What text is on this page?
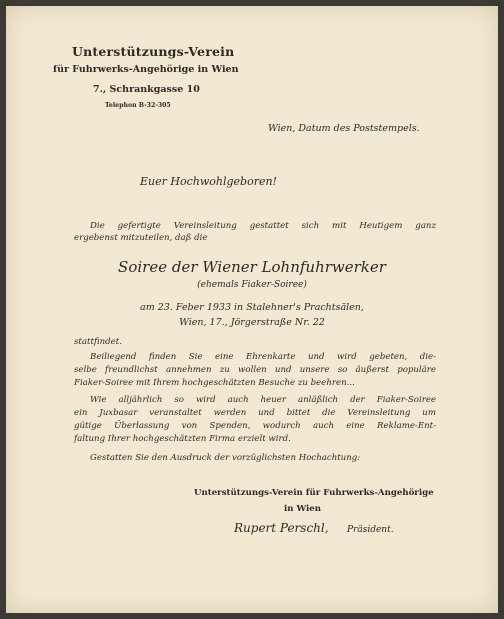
Unterstützungs-Verein
für Fuhrwerks-Angehörige in Wien
7., Schrankgasse 10
Telephon B-32-305
Wien, Datum des Poststempels.
Euer Hochwohlgeboren!
Die gefertigte Vereinsleitung gestattet sich mit Heutigem ganz
ergebenst mitzuteilen, daß die
Soiree der Wiener Lohnfuhrwerker
(ehemals Fiaker-Soiree)
am 23. Feber 1933 in Stalehner's Prachtsälen,
Wien, 17., Jörgerstraße Nr. 22
stattfindet.
Beiliegend finden Sie eine Ehrenkarte und wird gebeten, die-
selbe freundlichst annehmen zu wollen und unsere so äußerst populäre
Fiaker-Soiree mit Ihrem hochgeschätzten Besuche zu beehren...
Wie alljährlich so wird auch heuer anläßlich der Fiaker-Soiree
ein Juxbasar veranstaltet werden und bittet die Vereinsleitung um
gütige Überlassung von Spenden, wodurch auch eine Reklame-Ent-
faltung Ihrer hochgeschätzten Firma erzielt wird.
Gestatten Sie den Ausdruck der vorzüglichsten Hochachtung:
Unterstützungs-Verein für Fuhrwerks-Angehörige
in Wien
Rupert Perschl, Präsident.
